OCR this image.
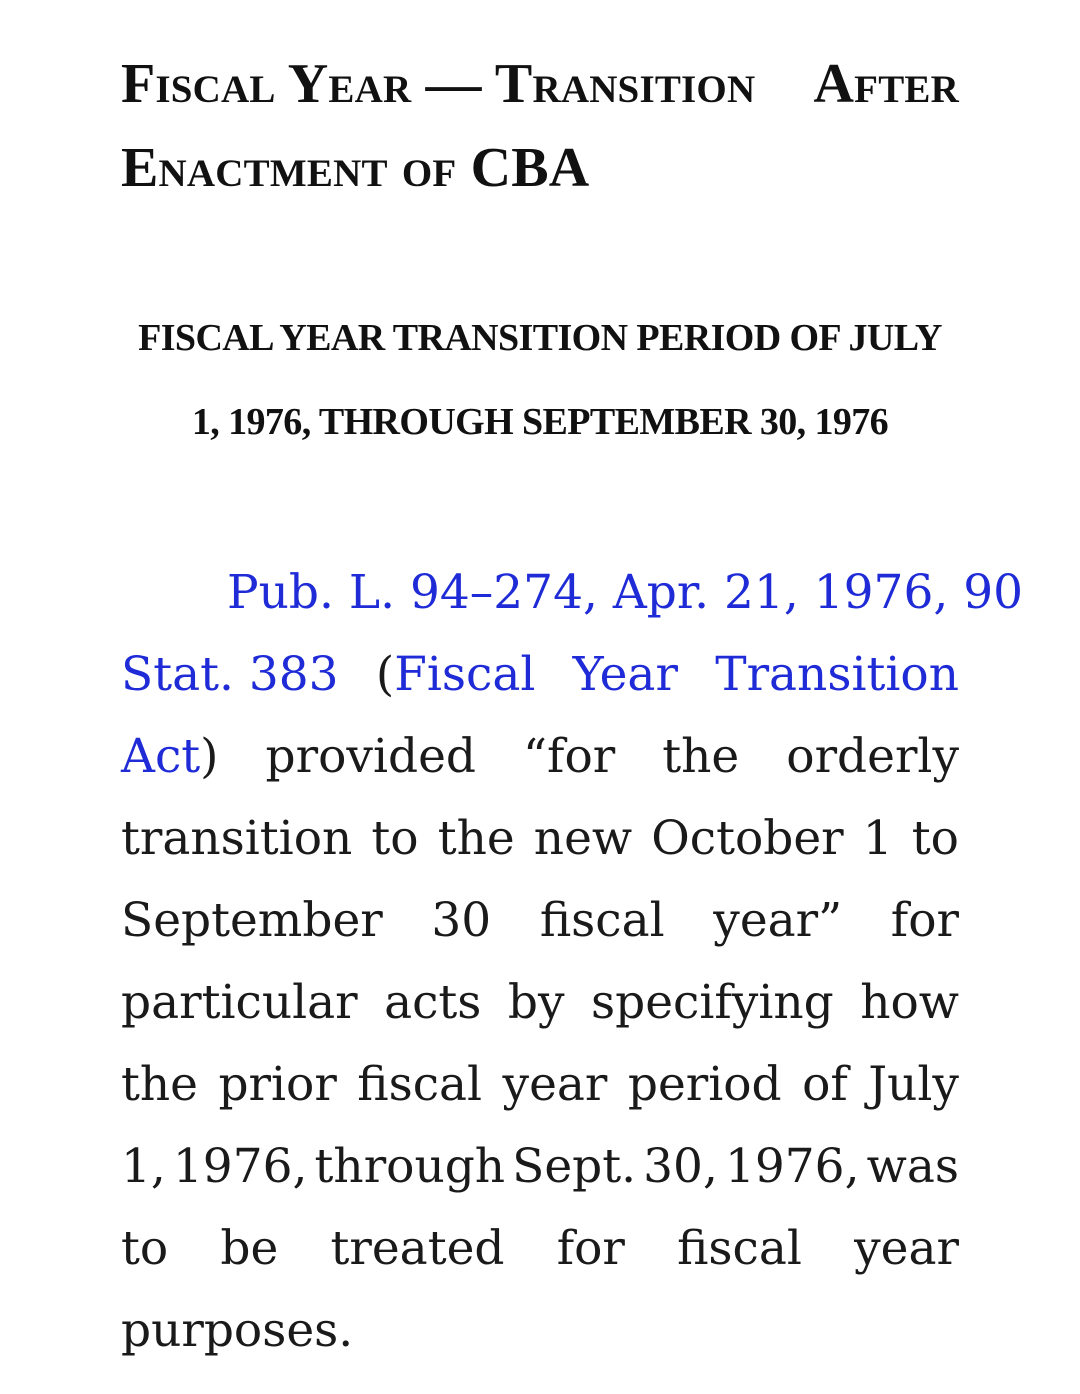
Fiscal Year — Transition After
Enactment of CBA
FISCAL YEAR TRANSITION PERIOD OF JULY
1, 1976, THROUGH SEPTEMBER 30, 1976
Pub. L. 94–274, Apr. 21, 1976, 90
Stat. 383 (Fiscal Year Transition
Act) provided “for the orderly
transition to the new October 1 to
September 30 fiscal year” for
particular acts by specifying how
the prior fiscal year period of July
1, 1976, through Sept. 30, 1976, was
to be treated for fiscal year
purposes.
